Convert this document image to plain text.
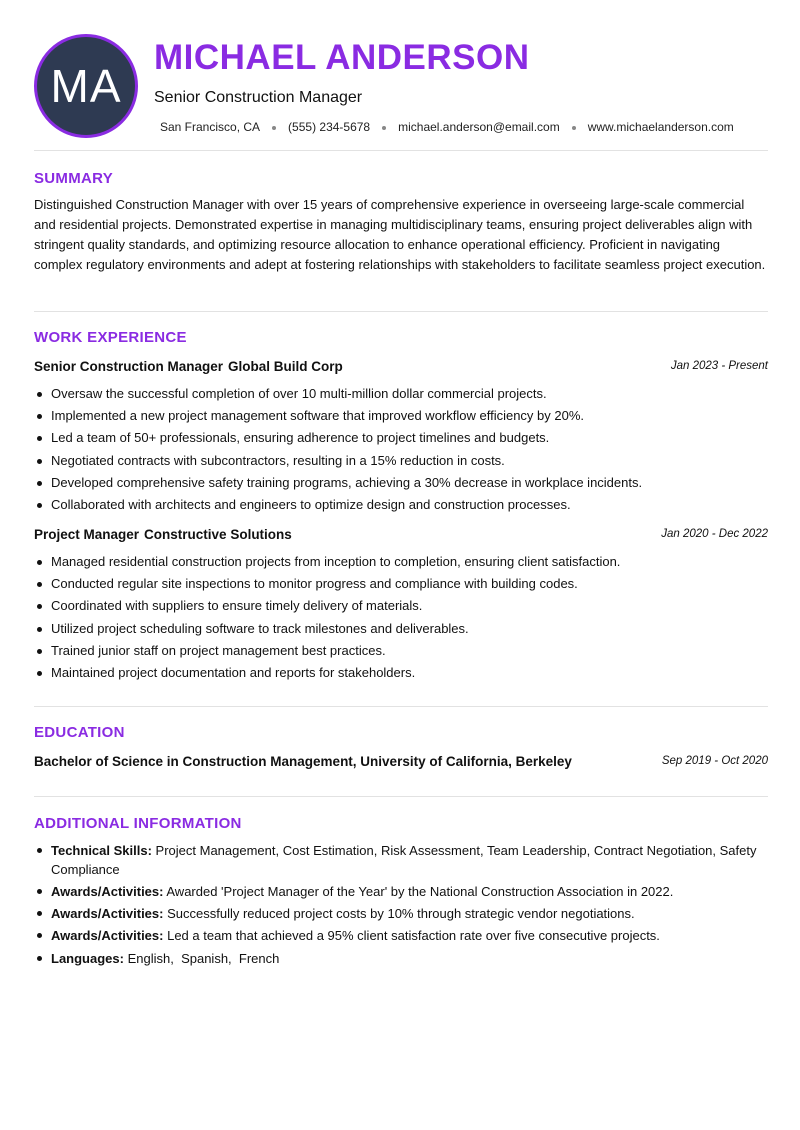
MA
MICHAEL ANDERSON
Senior Construction Manager
San Francisco, CA (555) 234-5678 michael.anderson@email.com www.michaelanderson.com
SUMMARY

Distinguished Construction Manager with over 15 years of comprehensive experience in overseeing large-scale commercial and residential projects. Demonstrated expertise in managing multidisciplinary teams, ensuring project deliverables align with stringent quality standards, and optimizing resource allocation to enhance operational efficiency. Proficient in navigating complex regulatory environments and adept at fostering relationships with stakeholders to facilitate seamless project execution.

WORK EXPERIENCE
Senior Construction Manager Global Build Corp	Jan 2023 - Present
Oversaw the successful completion of over 10 multi-million dollar commercial projects.
Implemented a new project management software that improved workflow efficiency by 20%.
Led a team of 50+ professionals, ensuring adherence to project timelines and budgets.
Negotiated contracts with subcontractors, resulting in a 15% reduction in costs.
Developed comprehensive safety training programs, achieving a 30% decrease in workplace incidents.
Collaborated with architects and engineers to optimize design and construction processes.
Project Manager Constructive Solutions	Jan 2020 - Dec 2022
Managed residential construction projects from inception to completion, ensuring client satisfaction.
Conducted regular site inspections to monitor progress and compliance with building codes.
Coordinated with suppliers to ensure timely delivery of materials.
Utilized project scheduling software to track milestones and deliverables.
Trained junior staff on project management best practices.
Maintained project documentation and reports for stakeholders.
EDUCATION
Bachelor of Science in Construction Management, University of California, Berkeley	Sep 2019 - Oct 2020
ADDITIONAL INFORMATION
Technical Skills: Project Management, Cost Estimation, Risk Assessment, Team Leadership, Contract Negotiation, Safety Compliance
Awards/Activities: Awarded 'Project Manager of the Year' by the National Construction Association in 2022.
Awards/Activities: Successfully reduced project costs by 10% through strategic vendor negotiations.
Awards/Activities: Led a team that achieved a 95% client satisfaction rate over five consecutive projects.
Languages: English,  Spanish,  French
